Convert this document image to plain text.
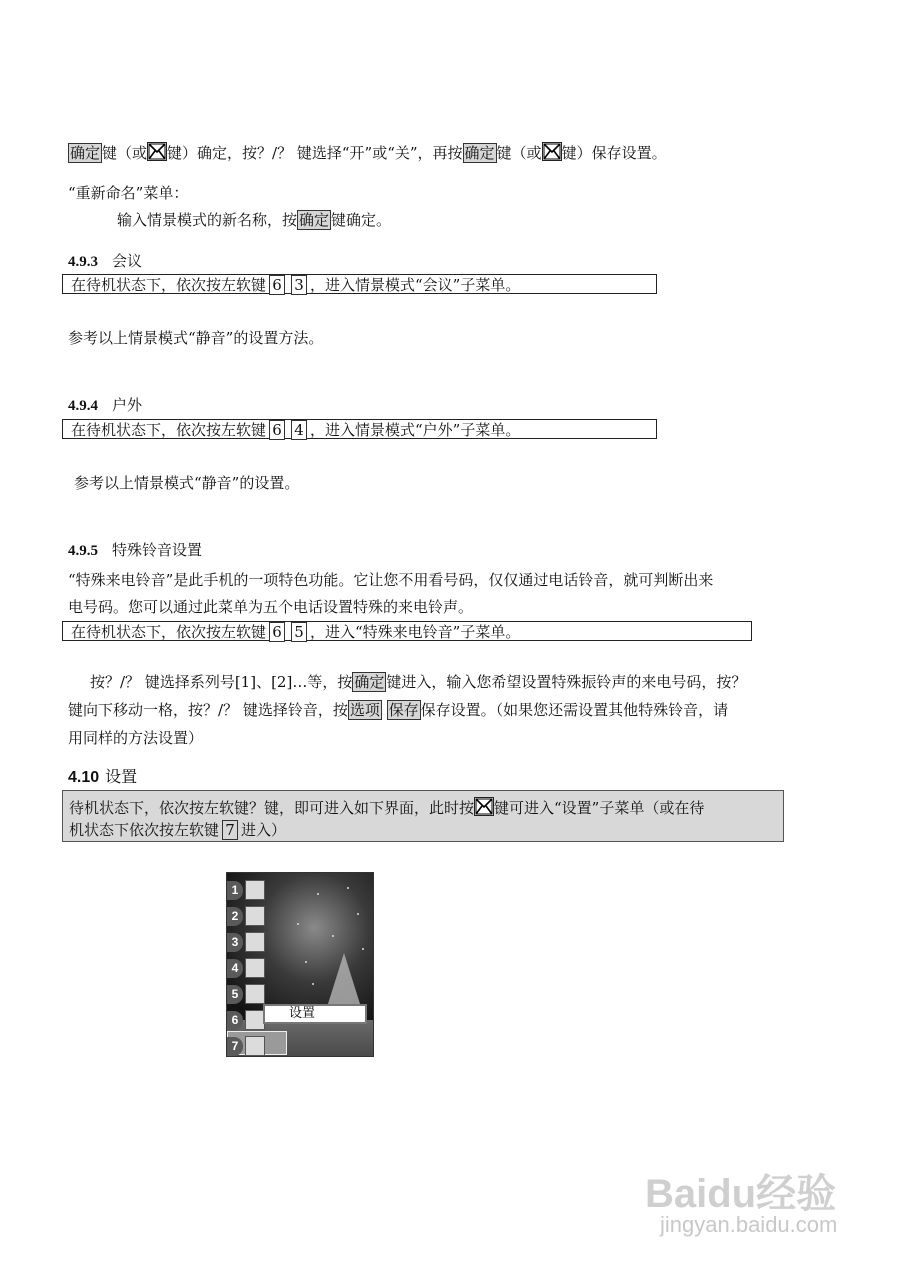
确定 键（或 键）确定，按？/？ 键选择“开”或“关”，再按 确定 键（或 键）保存设置。
“重新命名”菜单：
输入情景模式的新名称，按 确定 键确定。
4.9.3 会议
在待机状态下，依次按左软键 6 3 ，进入情景模式“会议”子菜单。
参考以上情景模式“静音”的设置方法。
4.9.4 户外
在待机状态下，依次按左软键 6 4 ，进入情景模式“户外”子菜单。
参考以上情景模式“静音”的设置。
4.9.5 特殊铃音设置
“特殊来电铃音”是此手机的一项特色功能。它让您不用看号码，仅仅通过电话铃音，就可判断出来
电号码。您可以通过此菜单为五个电话设置特殊的来电铃声。
在待机状态下，依次按左软键 6 5 ，进入“特殊来电铃音”子菜单。
按？/？ 键选择系列号[1]、[2]…等，按 确定 键进入，输入您希望设置特殊振铃声的来电号码，按？
键向下移动一格，按？/？ 键选择铃音，按 选项 保存 保存设置。（如果您还需设置其他特殊铃音，请
用同样的方法设置）
4.10 设置
待机状态下，依次按左软键？键，即可进入如下界面，此时按 键可进入“设置”子菜单（或在待
机状态下依次按左软键 7 进入）
1
2
3
4
5
6
7
设置
Baidu经验
jingyan.baidu.com
